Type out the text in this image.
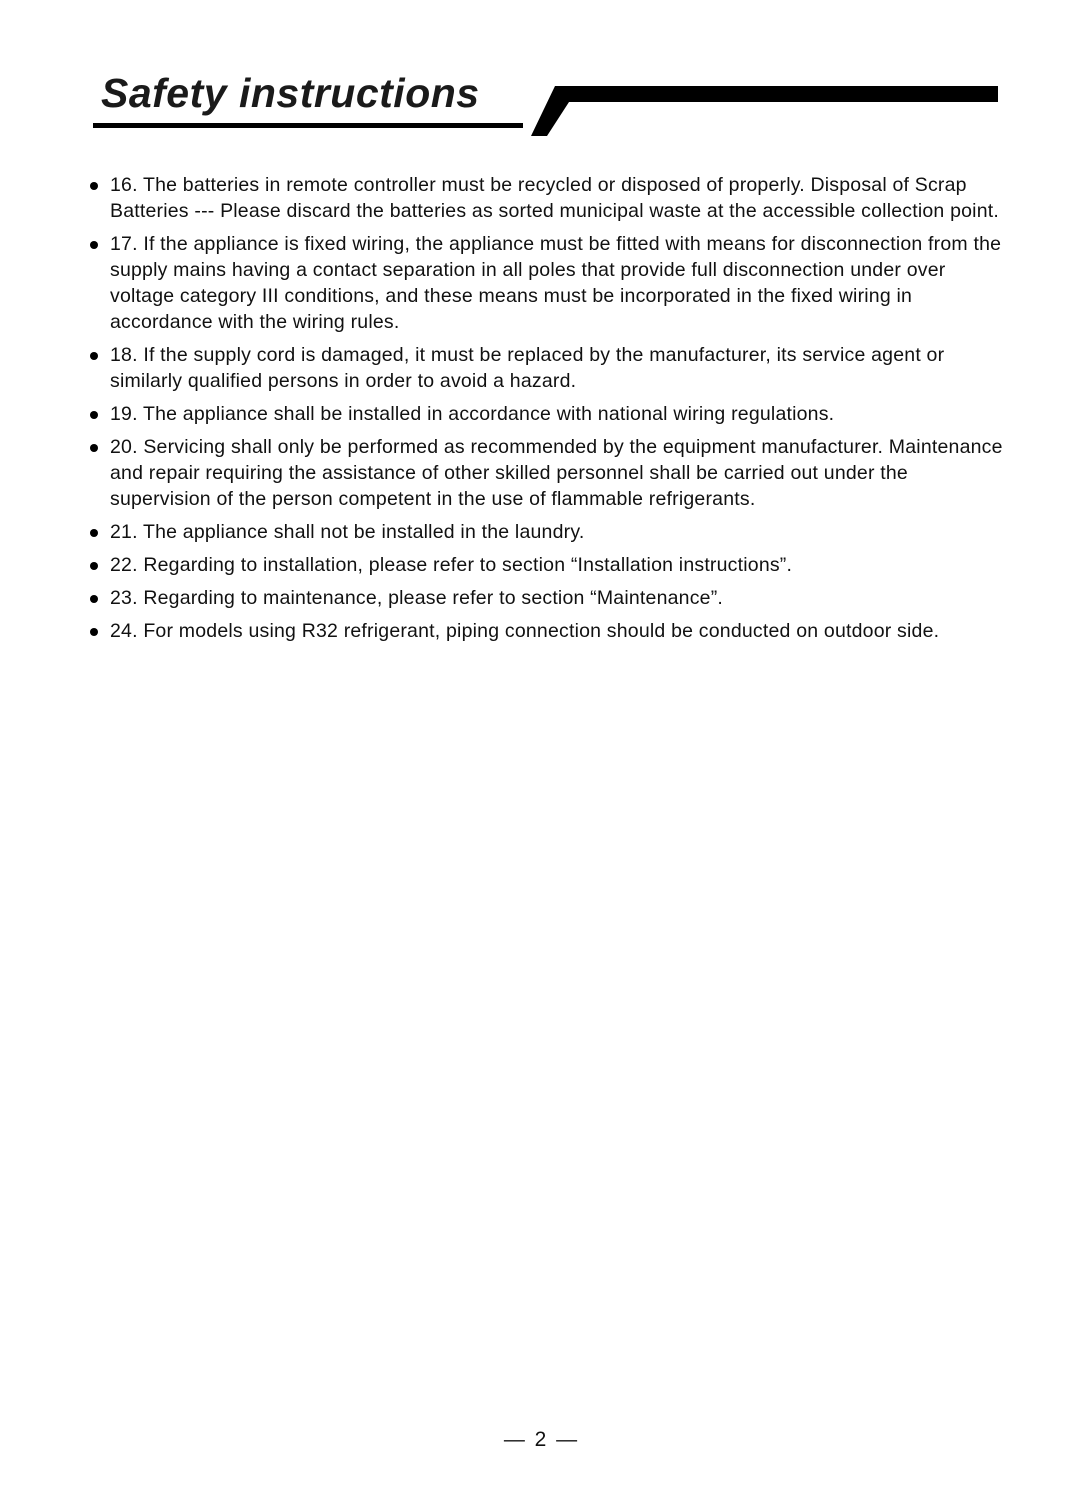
Safety instructions
16. The batteries in remote controller must be recycled or disposed of properly. Disposal of Scrap Batteries --- Please discard the batteries as sorted municipal waste at the accessible collection point.
17. If the appliance is fixed wiring, the appliance must be fitted with means for disconnection from the supply mains having a contact separation in all poles that provide full disconnection under over voltage category III conditions, and these means must be incorporated in the fixed wiring in accordance with the wiring rules.
18. If the supply cord is damaged, it must be replaced by the manufacturer, its service agent or similarly qualified persons in order to avoid a hazard.
19. The appliance shall be installed in accordance with national wiring regulations.
20. Servicing shall only be performed as recommended by the equipment manufacturer. Maintenance and repair requiring the assistance of other skilled personnel shall be carried out under the supervision of the person competent in the use of flammable refrigerants.
21. The appliance shall not be installed in the laundry.
22. Regarding to installation, please refer to section “Installation instructions”.
23. Regarding to maintenance, please refer to section “Maintenance”.
24. For models using R32 refrigerant, piping connection should be conducted on outdoor side.
— 2 —
